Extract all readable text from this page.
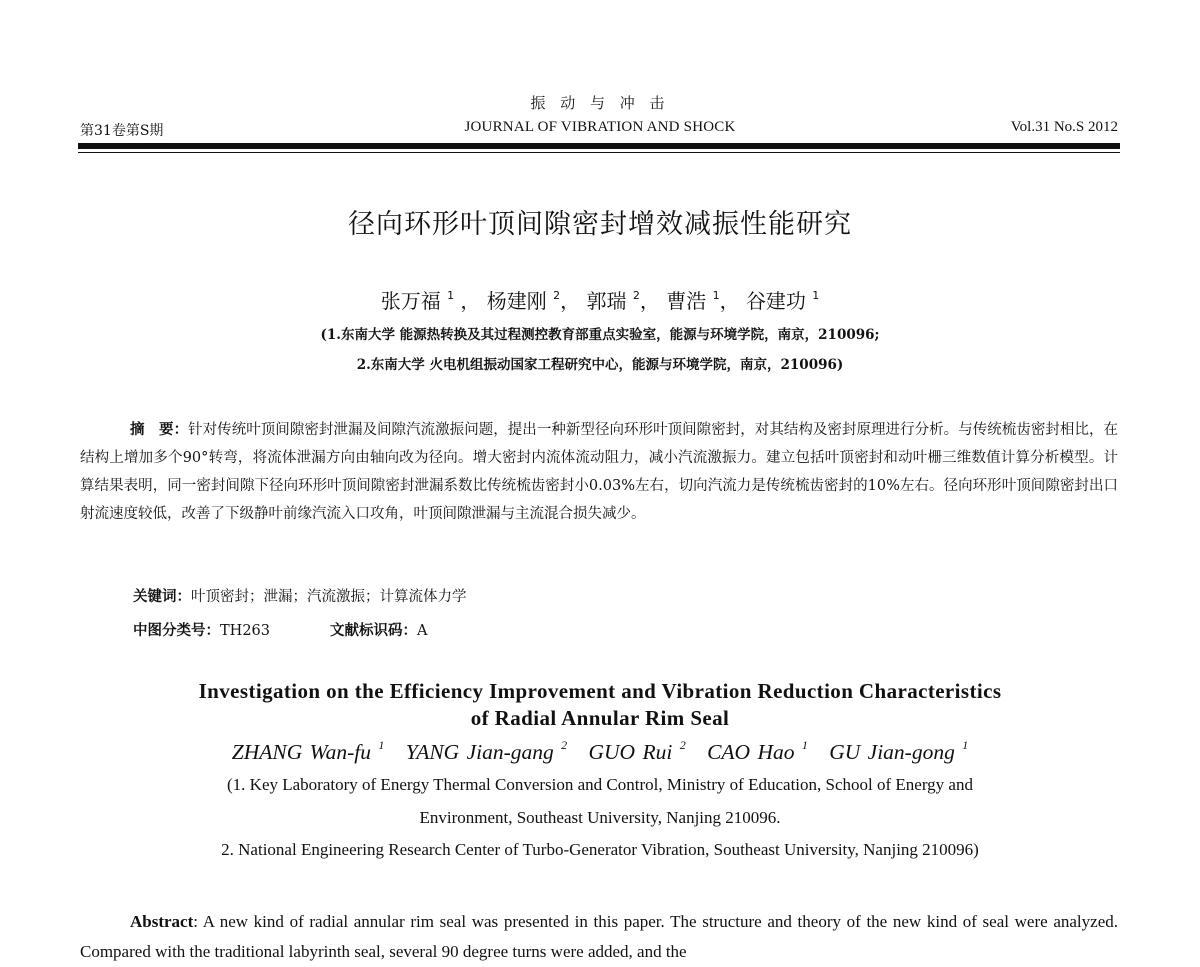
振 动 与 冲 击
第31卷第S期	JOURNAL OF VIBRATION AND SHOCK	Vol.31 No.S 2012
径向环形叶顶间隙密封增效减振性能研究
张万福 $^1$ ， 杨建刚 $^2$， 郭瑞 $^2$， 曹浩 $^1$， 谷建功 $^1$
(1.东南大学 能源热转换及其过程测控教育部重点实验室，能源与环境学院，南京，210096;
2.东南大学 火电机组振动国家工程研究中心，能源与环境学院，南京，210096)
摘　要：针对传统叶顶间隙密封泄漏及间隙汽流激振问题，提出一种新型径向环形叶顶间隙密封，对其结构及密封原理进行分析。与传统梳齿密封相比，在结构上增加多个90°转弯，将流体泄漏方向由轴向改为径向。增大密封内流体流动阻力，减小汽流激振力。建立包括叶顶密封和动叶栅三维数值计算分析模型。计算结果表明，同一密封间隙下径向环形叶顶间隙密封泄漏系数比传统梳齿密封小0.03%左右，切向汽流力是传统梳齿密封的10%左右。径向环形叶顶间隙密封出口射流速度较低，改善了下级静叶前缘汽流入口攻角，叶顶间隙泄漏与主流混合损失减少。
关键词：叶顶密封；泄漏；汽流激振；计算流体力学
中图分类号：TH263	文献标识码：A
Investigation on the Efficiency Improvement and Vibration Reduction Characteristics
of Radial Annular Rim Seal
ZHANG Wan-fu $^1$ YANG Jian-gang $^2$ GUO Rui $^2$ CAO Hao $^1$ GU Jian-gong $^1$
(1. Key Laboratory of Energy Thermal Conversion and Control, Ministry of Education, School of Energy and
Environment, Southeast University, Nanjing 210096.
2. National Engineering Research Center of Turbo-Generator Vibration, Southeast University, Nanjing 210096)
Abstract: A new kind of radial annular rim seal was presented in this paper. The structure and theory of the new kind of seal were analyzed. Compared with the traditional labyrinth seal, several 90 degree turns were added, and the
